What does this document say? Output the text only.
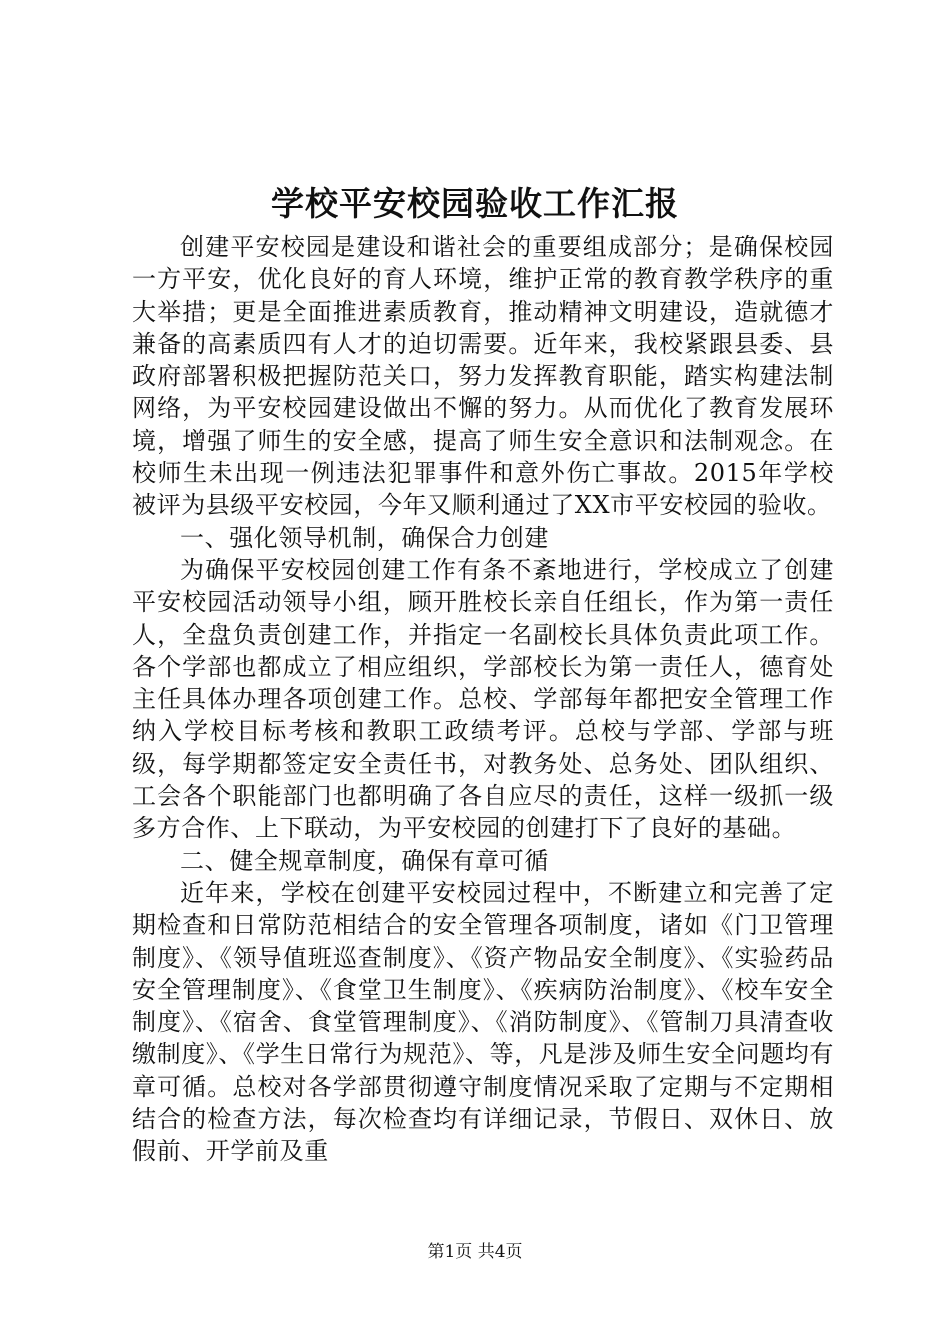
学校平安校园验收工作汇报

创建平安校园是建设和谐社会的重要组成部分；是确保校园一方平安，优化良好的育人环境，维护正常的教育教学秩序的重大举措；更是全面推进素质教育，推动精神文明建设，造就德才兼备的高素质四有人才的迫切需要。近年来，我校紧跟县委、县政府部署积极把握防范关口，努力发挥教育职能，踏实构建法制网络，为平安校园建设做出不懈的努力。从而优化了教育发展环境，增强了师生的安全感，提高了师生安全意识和法制观念。在校师生未出现一例违法犯罪事件和意外伤亡事故。2015年学校被评为县级平安校园，今年又顺利通过了XX市平安校园的验收。

一、强化领导机制，确保合力创建

为确保平安校园创建工作有条不紊地进行，学校成立了创建平安校园活动领导小组，顾开胜校长亲自任组长，作为第一责任人，全盘负责创建工作，并指定一名副校长具体负责此项工作。各个学部也都成立了相应组织，学部校长为第一责任人，德育处主任具体办理各项创建工作。总校、学部每年都把安全管理工作纳入学校目标考核和教职工政绩考评。总校与学部、学部与班级，每学期都签定安全责任书，对教务处、总务处、团队组织、工会各个职能部门也都明确了各自应尽的责任，这样一级抓一级多方合作、上下联动，为平安校园的创建打下了良好的基础。

二、健全规章制度，确保有章可循

近年来，学校在创建平安校园过程中，不断建立和完善了定期检查和日常防范相结合的安全管理各项制度，诸如《门卫管理制度》、《领导值班巡查制度》、《资产物品安全制度》、《实验药品安全管理制度》、《食堂卫生制度》、《疾病防治制度》、《校车安全制度》、《宿舍、食堂管理制度》、《消防制度》、《管制刀具清查收缴制度》、《学生日常行为规范》、等，凡是涉及师生安全问题均有章可循。总校对各学部贯彻遵守制度情况采取了定期与不定期相结合的检查方法，每次检查均有详细记录，节假日、双休日、放假前、开学前及重

第1页 共4页
